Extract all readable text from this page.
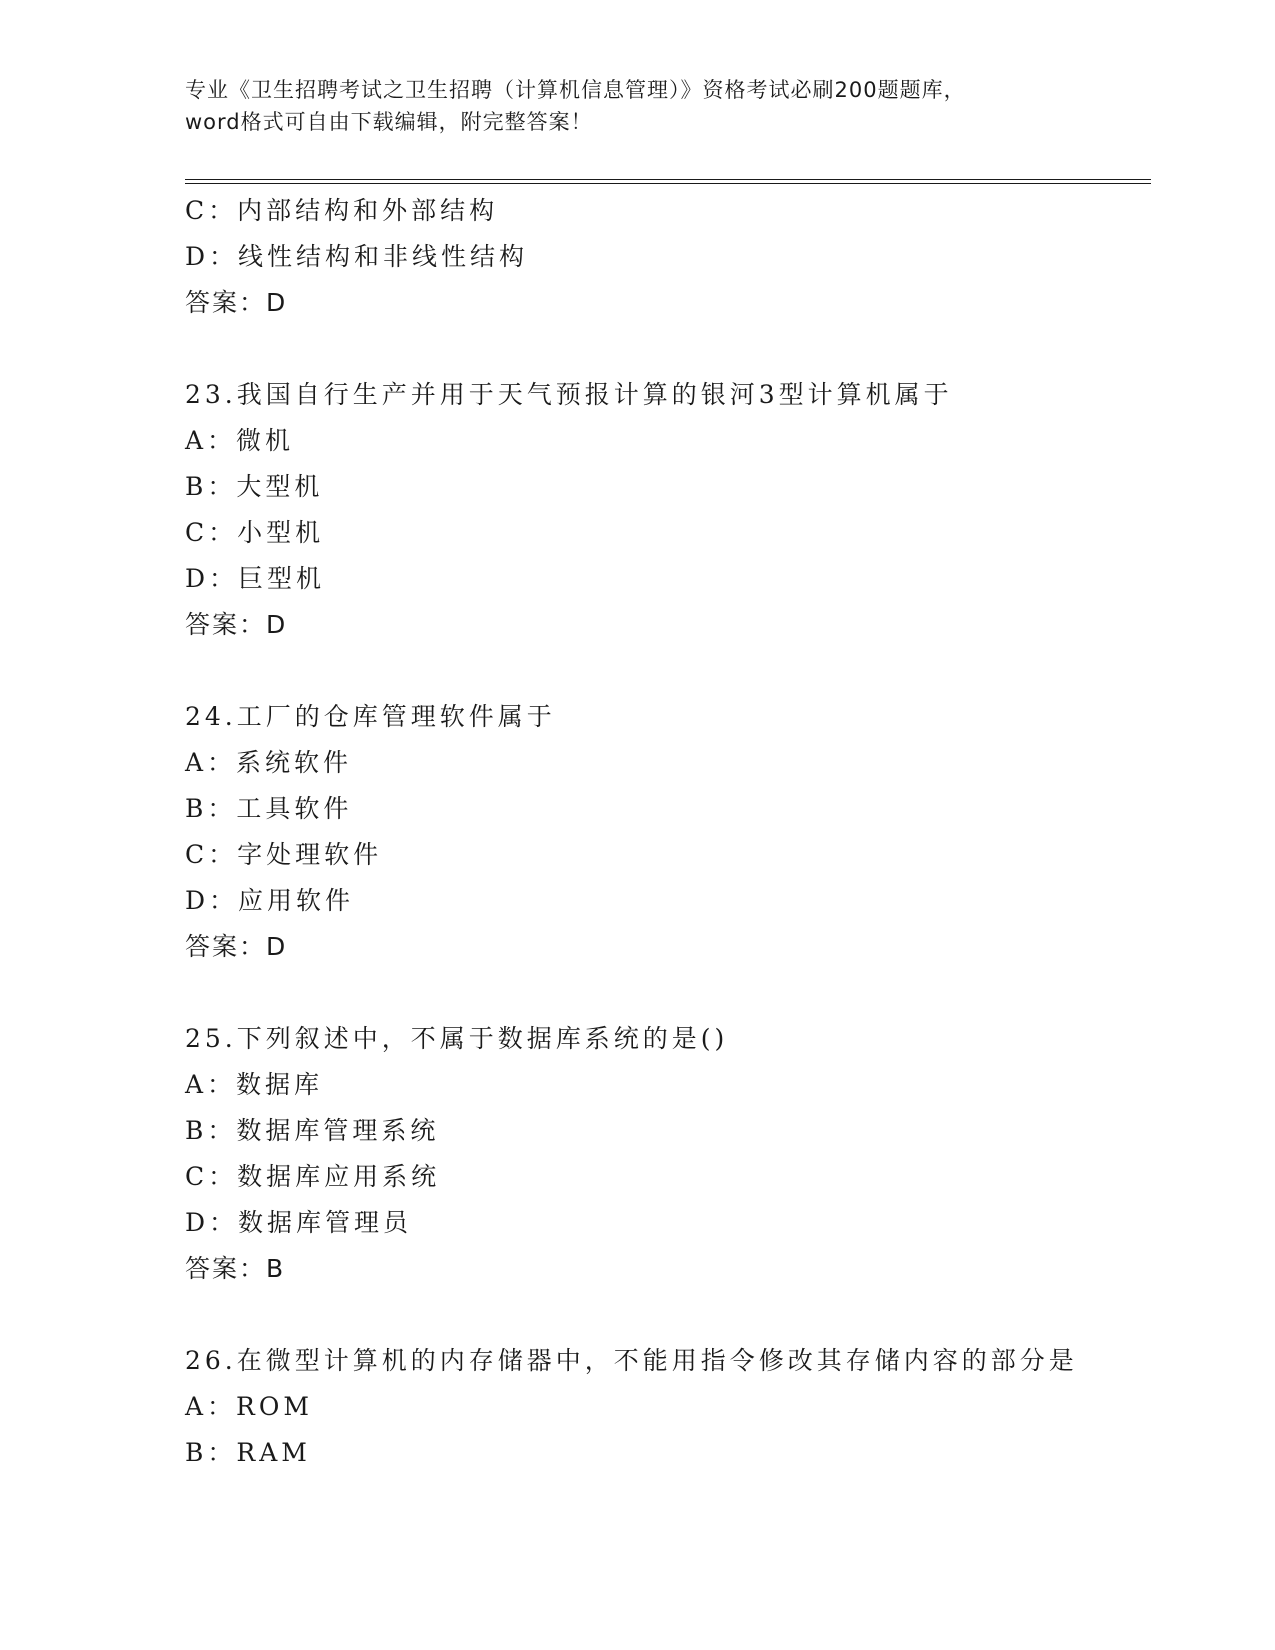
专业《卫生招聘考试之卫生招聘（计算机信息管理）》资格考试必刷200题题库，
word格式可自由下载编辑，附完整答案！
C：内部结构和外部结构
D：线性结构和非线性结构
答案：D
23.我国自行生产并用于天气预报计算的银河3型计算机属于
A：微机
B：大型机
C：小型机
D：巨型机
答案：D
24.工厂的仓库管理软件属于
A：系统软件
B：工具软件
C：字处理软件
D：应用软件
答案：D
25.下列叙述中，不属于数据库系统的是()
A：数据库
B：数据库管理系统
C：数据库应用系统
D：数据库管理员
答案：B
26.在微型计算机的内存储器中，不能用指令修改其存储内容的部分是
A：ROM
B：RAM
